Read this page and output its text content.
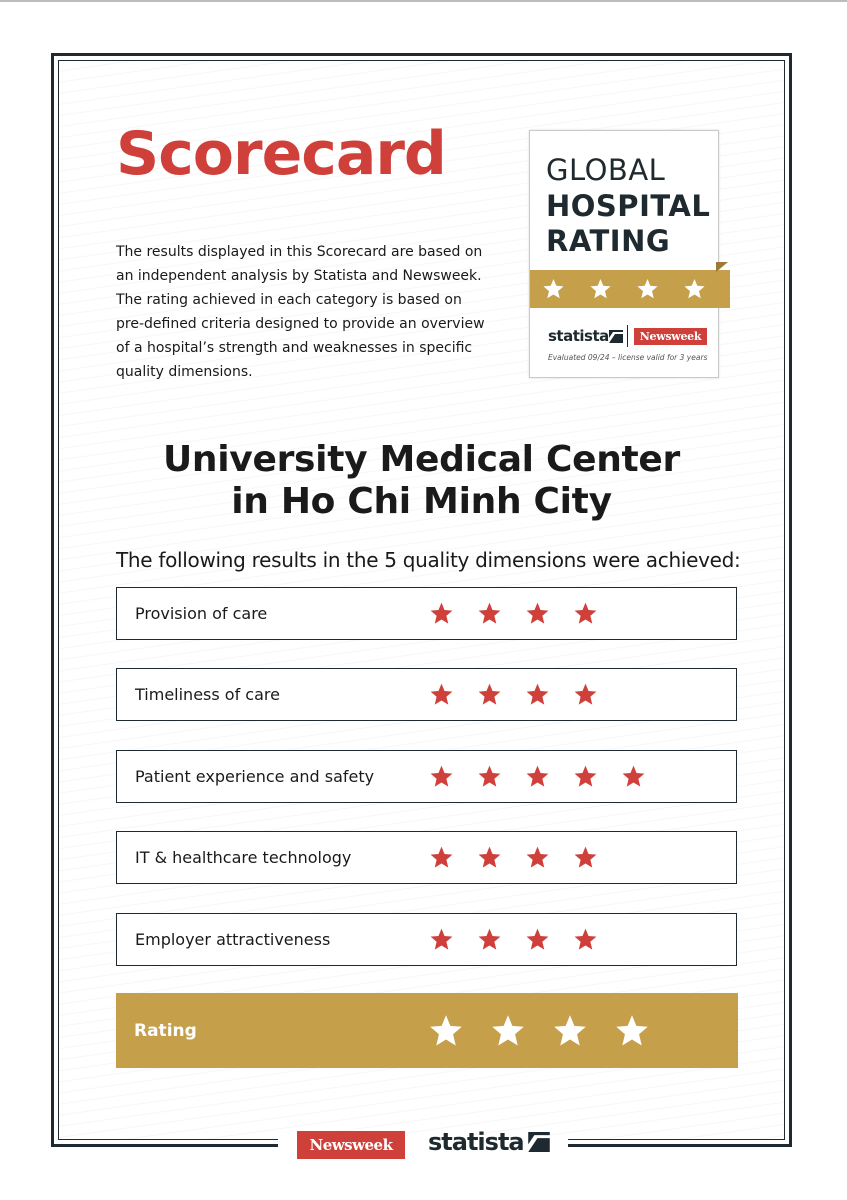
Scorecard
The results displayed in this Scorecard are based on an independent analysis by Statista and Newsweek. The rating achieved in each category is based on pre-defined criteria designed to provide an overview of a hospital’s strength and weaknesses in specific quality dimensions.
GLOBAL
HOSPITAL
RATING
statista	Newsweek
Evaluated 09/24 – license valid for 3 years
University Medical Center
in Ho Chi Minh City
The following results in the 5 quality dimensions were achieved:
Provision of care
Timeliness of care
Patient experience and safety
IT & healthcare technology
Employer attractiveness
Rating
Newsweek	statista
